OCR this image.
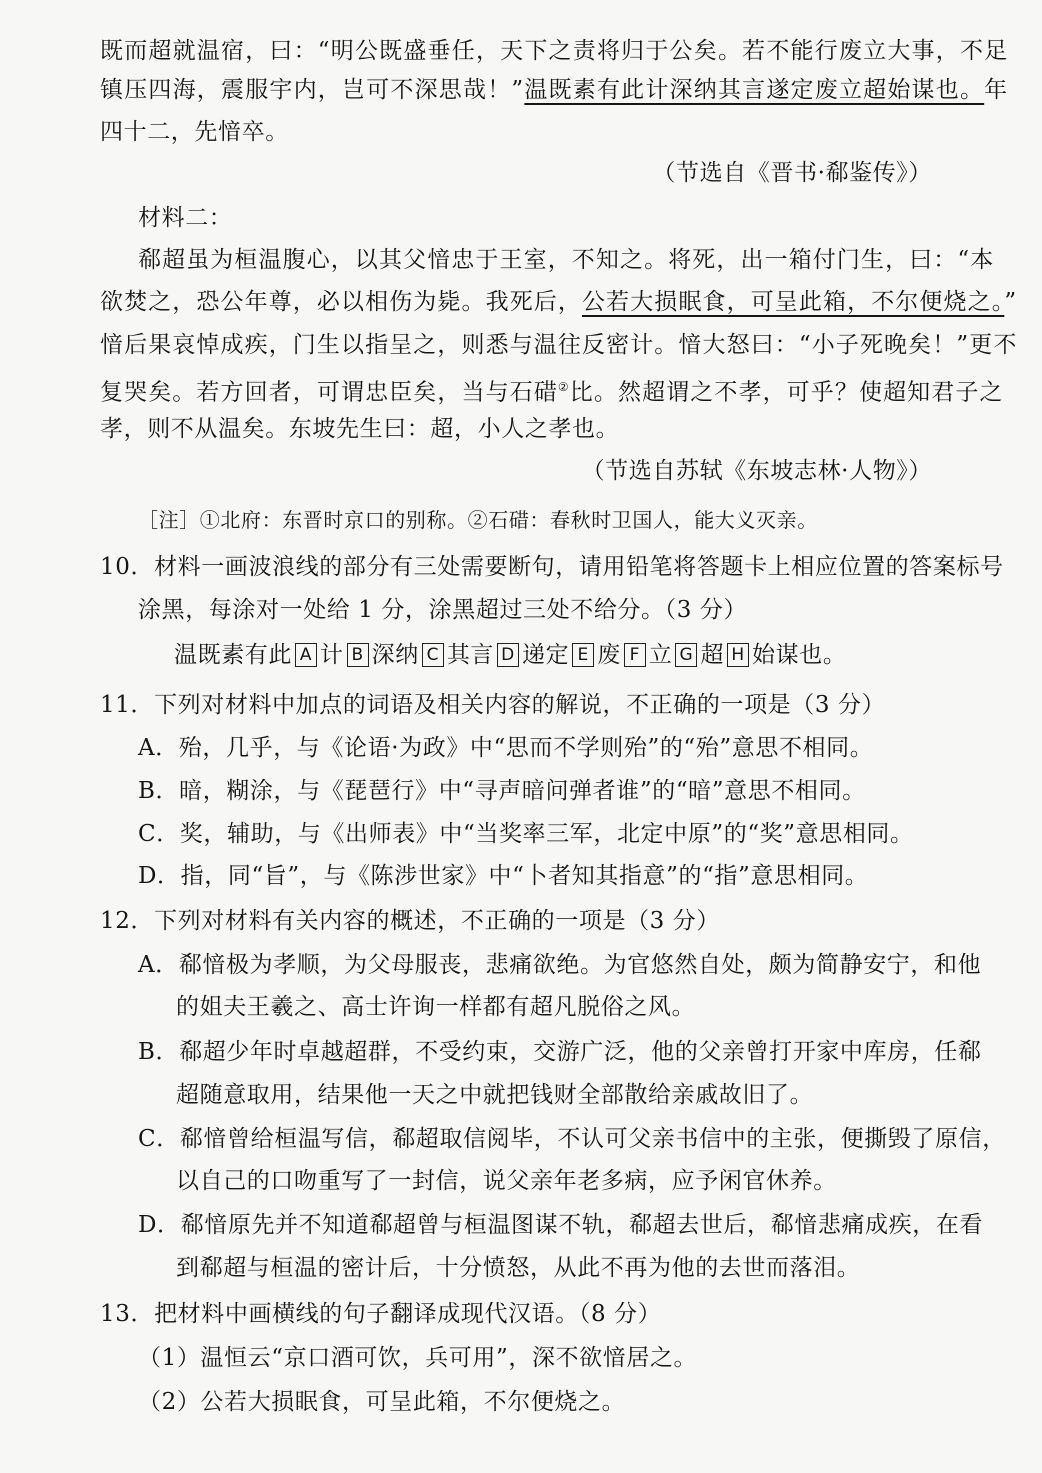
既而超就温宿，曰：“明公既盛垂任，天下之责将归于公矣。若不能行废立大事，不足
镇压四海，震服宇内，岂可不深思哉！”温既素有此计深纳其言遂定废立超始谋也。年
四十二，先愔卒。
（节选自《晋书·郗鉴传》）
材料二：
郗超虽为桓温腹心，以其父愔忠于王室，不知之。将死，出一箱付门生，曰：“本
欲焚之，恐公年尊，必以相伤为毙。我死后，公若大损眠食，可呈此箱，不尔便烧之。”
愔后果哀悼成疾，门生以指呈之，则悉与温往反密计。愔大怒曰：“小子死晚矣！”更不
复哭矣。若方回者，可谓忠臣矣，当与石碏②比。然超谓之不孝，可乎？使超知君子之
孝，则不从温矣。东坡先生曰：超，小人之孝也。
（节选自苏轼《东坡志林·人物》）
［注］①北府：东晋时京口的别称。②石碏：春秋时卫国人，能大义灭亲。
10．材料一画波浪线的部分有三处需要断句，请用铅笔将答题卡上相应位置的答案标号
涂黑，每涂对一处给 1 分，涂黑超过三处不给分。（3 分）
温既素有此 A 计 B 深纳 C 其言 D 递定 E 废 F 立 G 超 H 始谋也。
11．下列对材料中加点的词语及相关内容的解说，不正确的一项是（3 分）
A．殆，几乎，与《论语·为政》中“思而不学则殆”的“殆”意思不相同。
B．暗，糊涂，与《琵琶行》中“寻声暗问弹者谁”的“暗”意思不相同。
C．奖，辅助，与《出师表》中“当奖率三军，北定中原”的“奖”意思相同。
D．指，同“旨”，与《陈涉世家》中“卜者知其指意”的“指”意思相同。
12．下列对材料有关内容的概述，不正确的一项是（3 分）
A．郗愔极为孝顺，为父母服丧，悲痛欲绝。为官悠然自处，颇为简静安宁，和他
的姐夫王羲之、高士许询一样都有超凡脱俗之风。
B．郗超少年时卓越超群，不受约束，交游广泛，他的父亲曾打开家中库房，任郗
超随意取用，结果他一天之中就把钱财全部散给亲戚故旧了。
C．郗愔曾给桓温写信，郗超取信阅毕，不认可父亲书信中的主张，便撕毁了原信，
以自己的口吻重写了一封信，说父亲年老多病，应予闲官休养。
D．郗愔原先并不知道郗超曾与桓温图谋不轨，郗超去世后，郗愔悲痛成疾，在看
到郗超与桓温的密计后，十分愤怒，从此不再为他的去世而落泪。
13．把材料中画横线的句子翻译成现代汉语。（8 分）
（1）温恒云“京口酒可饮，兵可用”，深不欲愔居之。
（2）公若大损眠食，可呈此箱，不尔便烧之。
